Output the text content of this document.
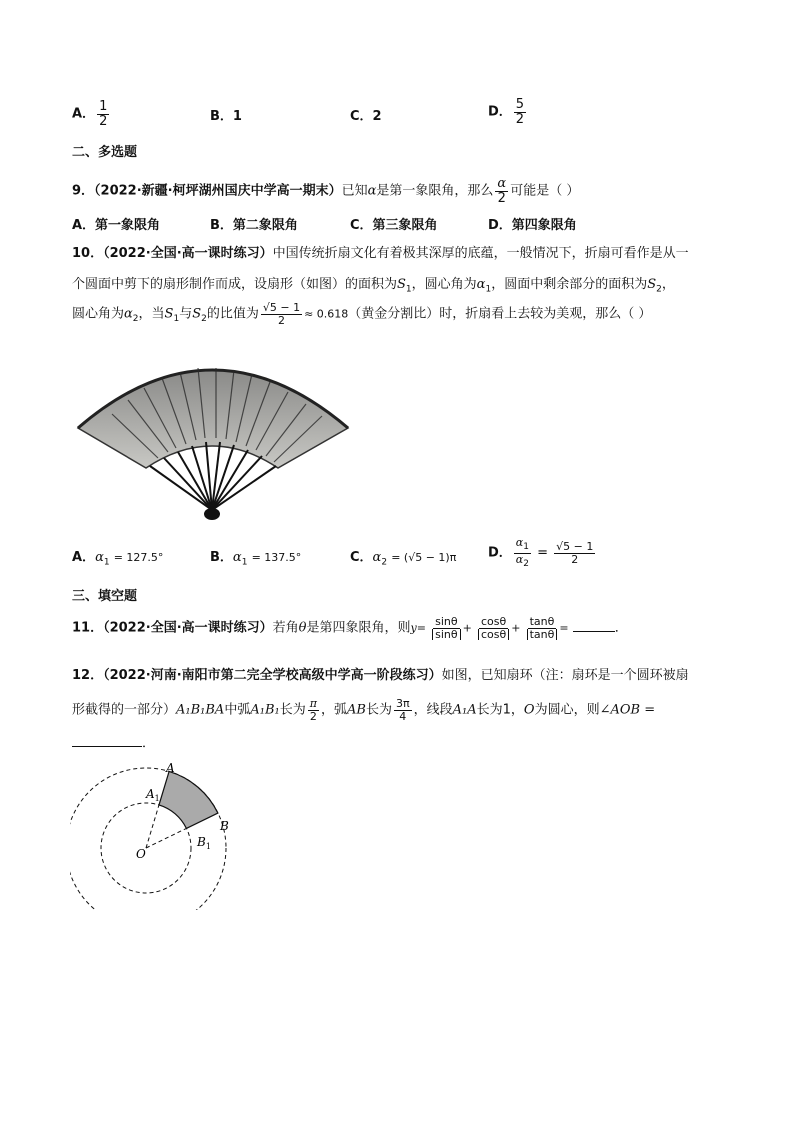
A． $\frac{1}{2}$	B．1	C．2	D． $\frac{5}{2}$
二、多选题
9．（2022·新疆·柯坪湖州国庆中学高一期末）已知α是第一象限角，那么 $\frac{\alpha}{2}$ 可能是（ ）
A．第一象限角	B．第二象限角	C．第三象限角	D．第四象限角
10．（2022·全国·高一课时练习）中国传统折扇文化有着极其深厚的底蕴，一般情况下，折扇可看作是从一
个圆面中剪下的扇形制作而成，设扇形（如图）的面积为$S_1$，圆心角为$\alpha_1$，圆面中剩余部分的面积为$S_2$，
圆心角为$\alpha_2$，当$S_1$与$S_2$的比值为 $\frac{√5 - 1}{2} \approx 0.618$（黄金分割比）时，折扇看上去较为美观，那么（ ）
A．$\alpha_1 = 127.5^\circ$	B．$\alpha_1 = 137.5^\circ$	C．$\alpha_2 = (√5 - 1)\pi$ D． $\frac{\alpha_1}{\alpha_2} = \frac{√5 - 1}{2}$
三、填空题
11．（2022·全国·高一课时练习）若角θ是第四象限角，则$y= \frac{\sin\theta}{\sin\theta} + \frac{\cos\theta}{\cos\theta} + \frac{\tan\theta}{\tan\theta}$ =	．
12．（2022·河南·南阳市第二完全学校高级中学高一阶段练习）如图，已知扇环（注：扇环是一个圆环被扇
形截得的一部分）A₁B₁BA中弧A₁B₁长为 $\frac{\pi}{2}$ ，弧AB长为 $\frac{3\pi}{4}$ ，线段A₁A长为1，O为圆心，则∠AOB =
．
A
$A_1$
B
$B_1$
O
